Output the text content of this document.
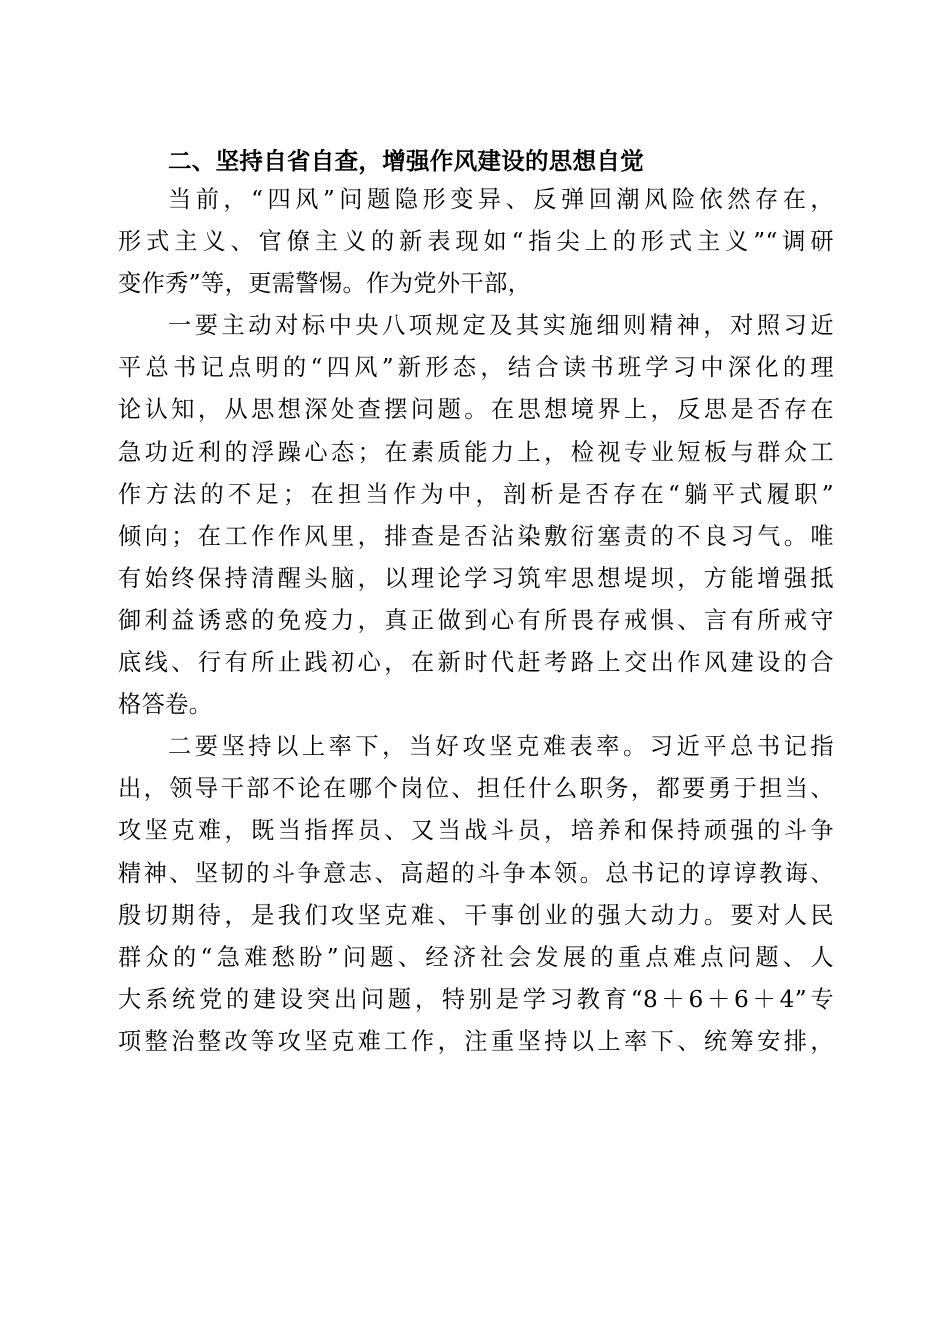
二、坚持自省自查，增强作风建设的思想自觉
当前，“四风”问题隐形变异、反弹回潮风险依然存在，
形式主义、官僚主义的新表现如“指尖上的形式主义”“调研
变作秀”等，更需警惕。作为党外干部，
一要主动对标中央八项规定及其实施细则精神，对照习近
平总书记点明的“四风”新形态，结合读书班学习中深化的理
论认知，从思想深处查摆问题。在思想境界上，反思是否存在
急功近利的浮躁心态；在素质能力上，检视专业短板与群众工
作方法的不足；在担当作为中，剖析是否存在“躺平式履职”
倾向；在工作作风里，排查是否沾染敷衍塞责的不良习气。唯
有始终保持清醒头脑，以理论学习筑牢思想堤坝，方能增强抵
御利益诱惑的免疫力，真正做到心有所畏存戒惧、言有所戒守
底线、行有所止践初心，在新时代赶考路上交出作风建设的合
格答卷。
二要坚持以上率下，当好攻坚克难表率。习近平总书记指
出，领导干部不论在哪个岗位、担任什么职务，都要勇于担当、
攻坚克难，既当指挥员、又当战斗员，培养和保持顽强的斗争
精神、坚韧的斗争意志、高超的斗争本领。总书记的谆谆教诲、
殷切期待，是我们攻坚克难、干事创业的强大动力。要对人民
群众的“急难愁盼”问题、经济社会发展的重点难点问题、人
大系统党的建设突出问题，特别是学习教育“8＋6＋6＋4”专
项整治整改等攻坚克难工作，注重坚持以上率下、统筹安排，
